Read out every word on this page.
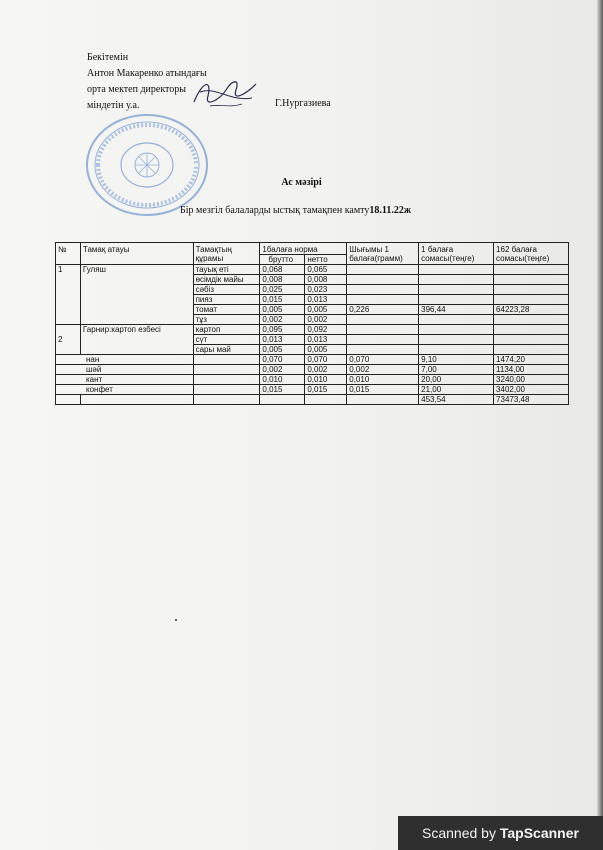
Бекітемін
Антон Макаренко атындағы
орта мектеп директоры
міндетін у.а.	Г.Нургазиева
Ас мәзірі
Бір мезгіл балаларды ыстық тамақпен камту18.11.22ж
№	Тамақ атауы	Тамақтың құрамы	1балаға норма		Шығымы 1 балаға(грамм)	1 балаға сомасы(теңге)	162 балаға сомасы(теңге)
			брутто	нетто			
1	Гуляш	тауық еті	0,068	0,065			
		өсімдік майы	0,008	0,008			
		сәбіз	0,025	0,023			
		пияз	0,015	0,013			
		томат	0,005	0,005	0,226	396,44	64223,28
		тұз	0,002	0,002			
2	Гарнир:картоп езбесі	картоп	0,095	0,092			
		сүт	0,013	0,013			
		сары май	0,005	0,005			
нан			0,070	0,070	0,070	9,10	1474,20
шәй			0,002	0,002	0,002	7,00	1134,00
кант			0,010	0,010	0,010	20,00	3240,00
конфет			0,015	0,015	0,015	21,00	3402,00
						453,54	73473,48
Scanned by TapScanner
